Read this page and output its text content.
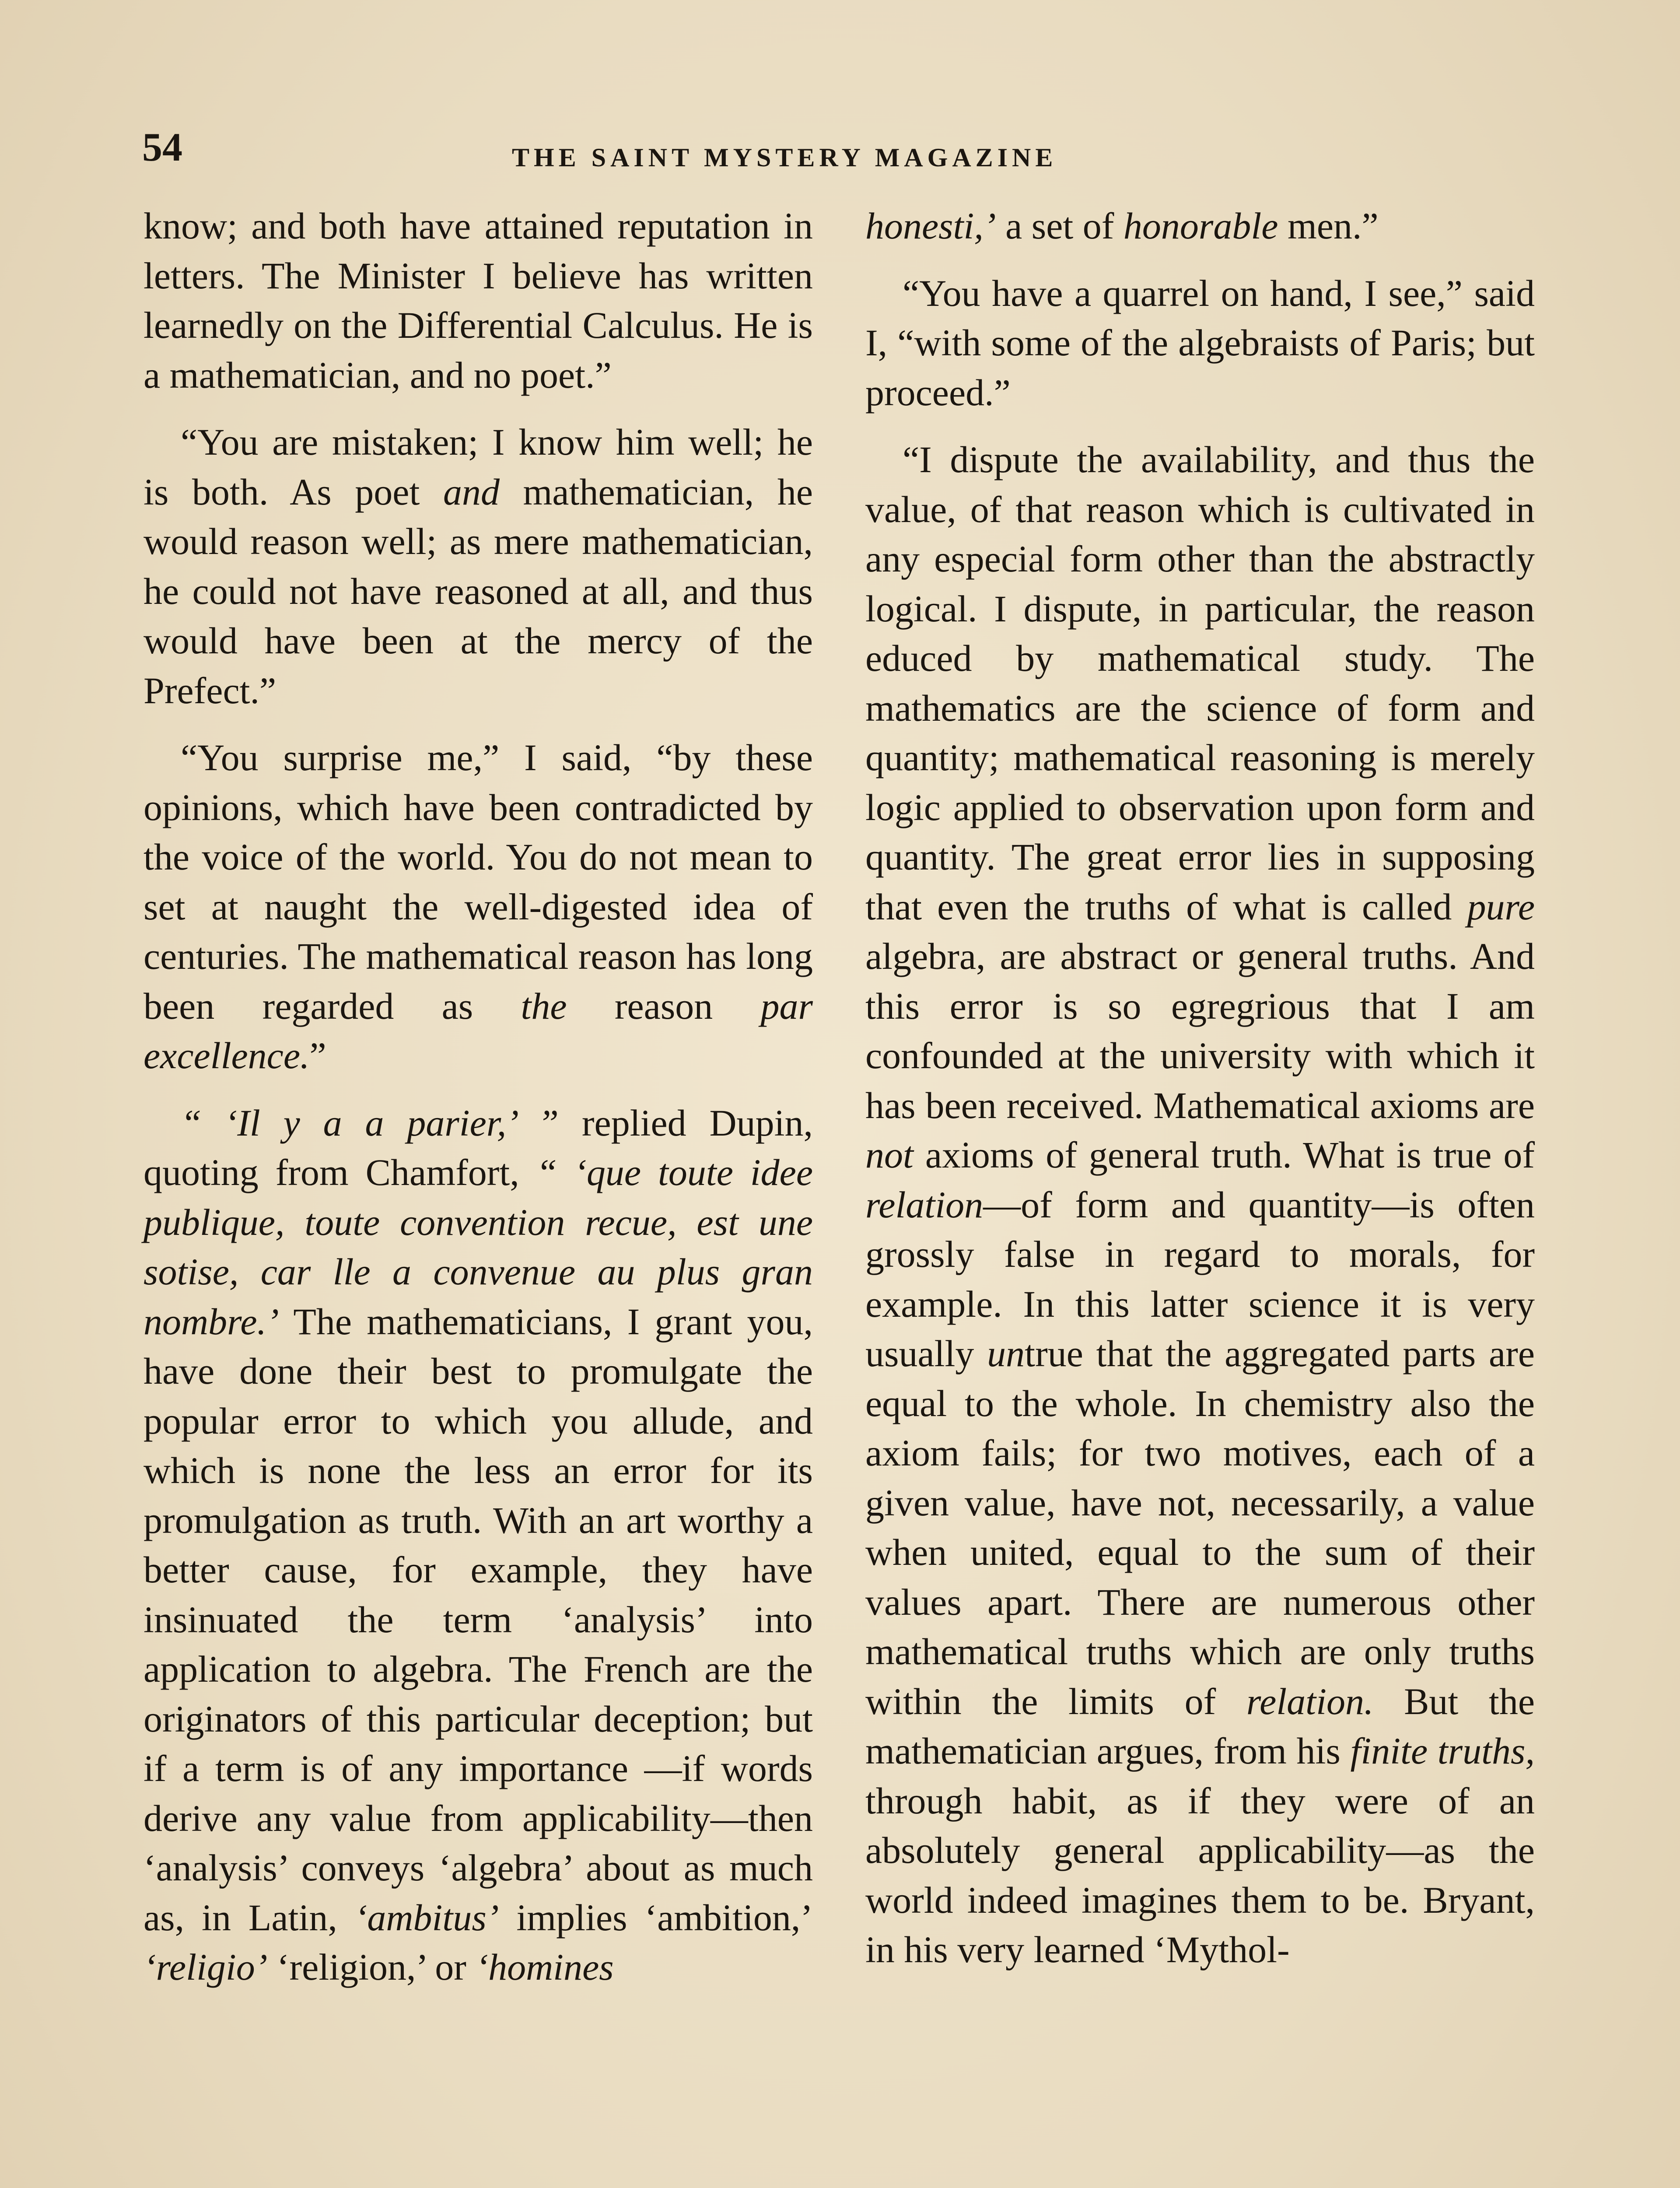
54	THE SAINT MYSTERY MAGAZINE

know; and both have attained reputation in letters. The Minister I believe has written learnedly on the Differential Calculus. He is a mathematician, and no poet.”

“You are mistaken; I know him well; he is both. As poet and mathematician, he would reason well; as mere mathematician, he could not have reasoned at all, and thus would have been at the mercy of the Prefect.”

“You surprise me,” I said, “by these opinions, which have been contradicted by the voice of the world. You do not mean to set at naught the well-digested idea of centuries. The mathematical reason has long been regarded as the reason par excellence.”

“ ‘Il y a a parier,’ ” replied Dupin, quoting from Chamfort, “ ‘que toute idee publique, toute convention recue, est une sotise, car lle a convenue au plus gran nombre.’ The mathematicians, I grant you, have done their best to promulgate the popular error to which you allude, and which is none the less an error for its promulgation as truth. With an art worthy a better cause, for example, they have insinuated the term ‘analysis’ into application to algebra. The French are the originators of this particular deception; but if a term is of any importance —if words derive any value from applicability—then ‘analysis’ conveys ‘algebra’ about as much as, in Latin, ‘ambitus’ implies ‘ambition,’ ‘religio’ ‘religion,’ or ‘homines

honesti,’ a set of honorable men.”

“You have a quarrel on hand, I see,” said I, “with some of the algebraists of Paris; but proceed.”

“I dispute the availability, and thus the value, of that reason which is cultivated in any especial form other than the abstractly logical. I dispute, in particular, the reason educed by mathematical study. The mathematics are the science of form and quantity; mathematical reasoning is merely logic applied to observation upon form and quantity. The great error lies in supposing that even the truths of what is called pure algebra, are abstract or general truths. And this error is so egregrious that I am confounded at the university with which it has been received. Mathematical axioms are not axioms of general truth. What is true of relation—of form and quantity—is often grossly false in regard to morals, for example. In this latter science it is very usually untrue that the aggregated parts are equal to the whole. In chemistry also the axiom fails; for two motives, each of a given value, have not, necessarily, a value when united, equal to the sum of their values apart. There are numerous other mathematical truths which are only truths within the limits of relation. But the mathematician argues, from his finite truths, through habit, as if they were of an absolutely general applicability—as the world indeed imagines them to be. Bryant, in his very learned ‘Mythol-
